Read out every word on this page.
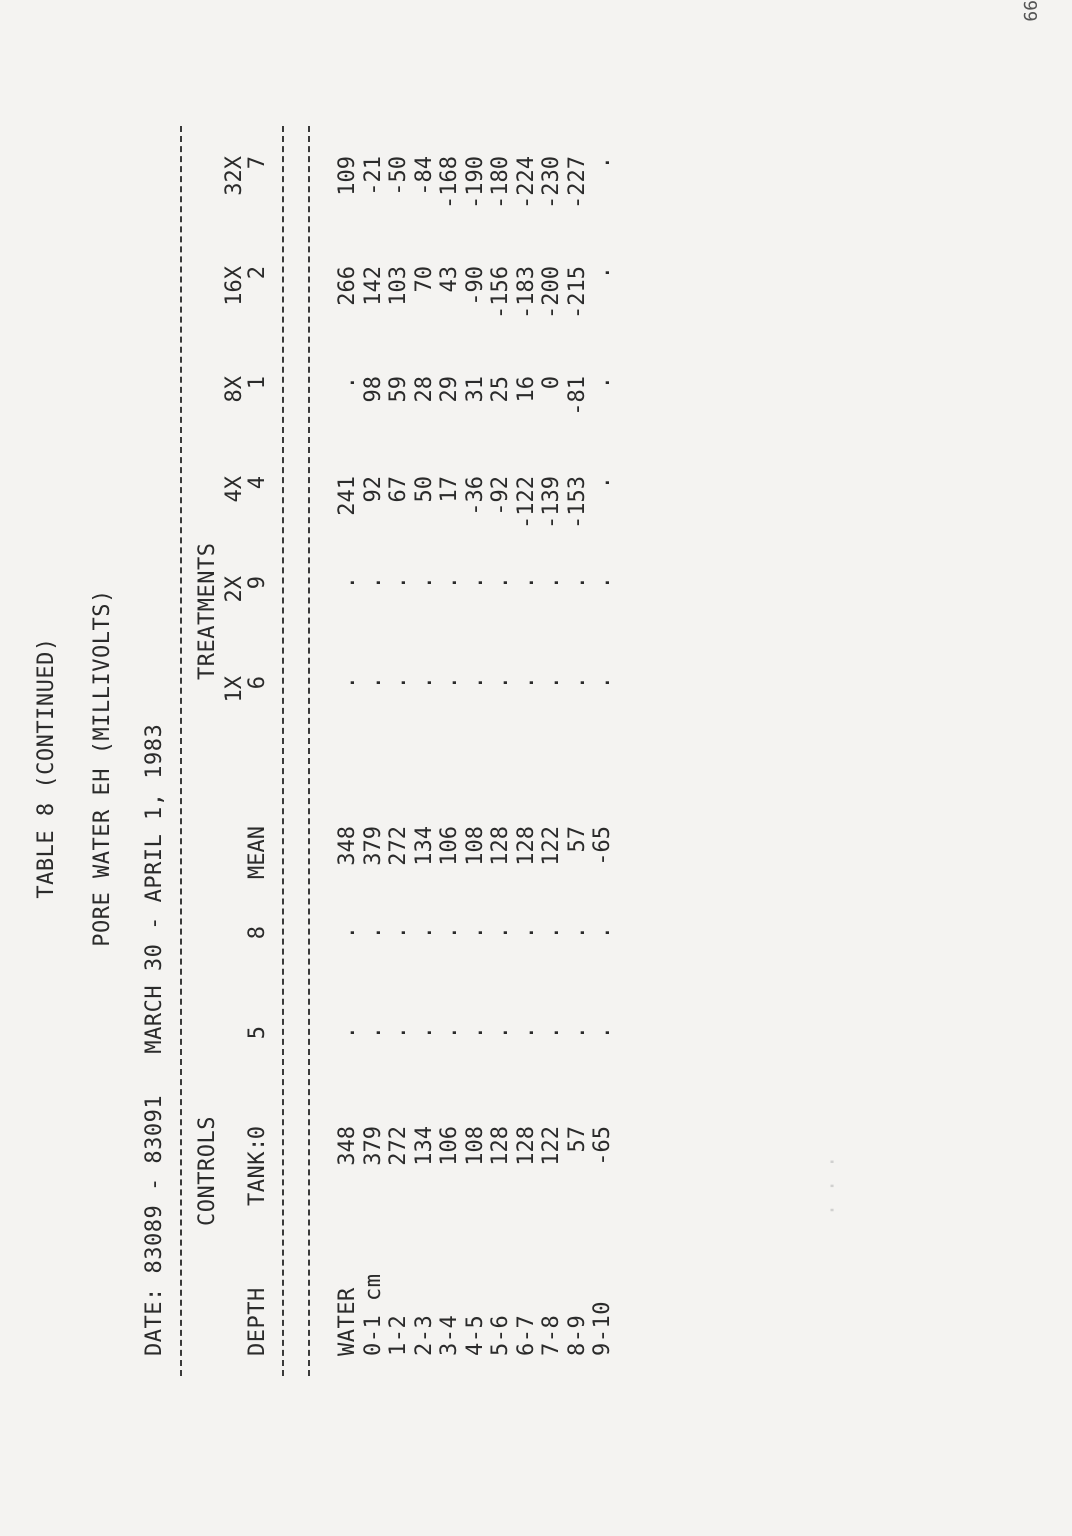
99
TABLE 8 (CONTINUED) PORE WATER EH (MILLIVOLTS) DATE: 83089 - 83091   MARCH 30 - APRIL 1, 1983 CONTROLS
TREATMENTS
1X
2X
4X
8X
16X
32X
DEPTH
TANK:
0
5
8
MEAN
6
9
4
1
2
7
WATER
348
.
.
348
.
.
241
.
266
109
0-1 cm
379
.
.
379
.
.
92
98
142
-21
1-2
272
.
.
272
.
.
67
59
103
-50
2-3
134
.
.
134
.
.
50
28
70
-84
3-4
106
.
.
106
.
.
17
29
43
-168
4-5
108
.
.
108
.
.
-36
31
-90
-190
5-6
128
.
.
128
.
.
-92
25
-156
-180
6-7
128
.
.
128
.
.
-122
16
-183
-224
7-8
122
.
.
122
.
.
-139
0
-200
-230
8-9
57
.
.
57
.
.
-153
-81
-215
-227
9-10
-65
.
.
-65
.
.
.
.
.
.
· · ·
